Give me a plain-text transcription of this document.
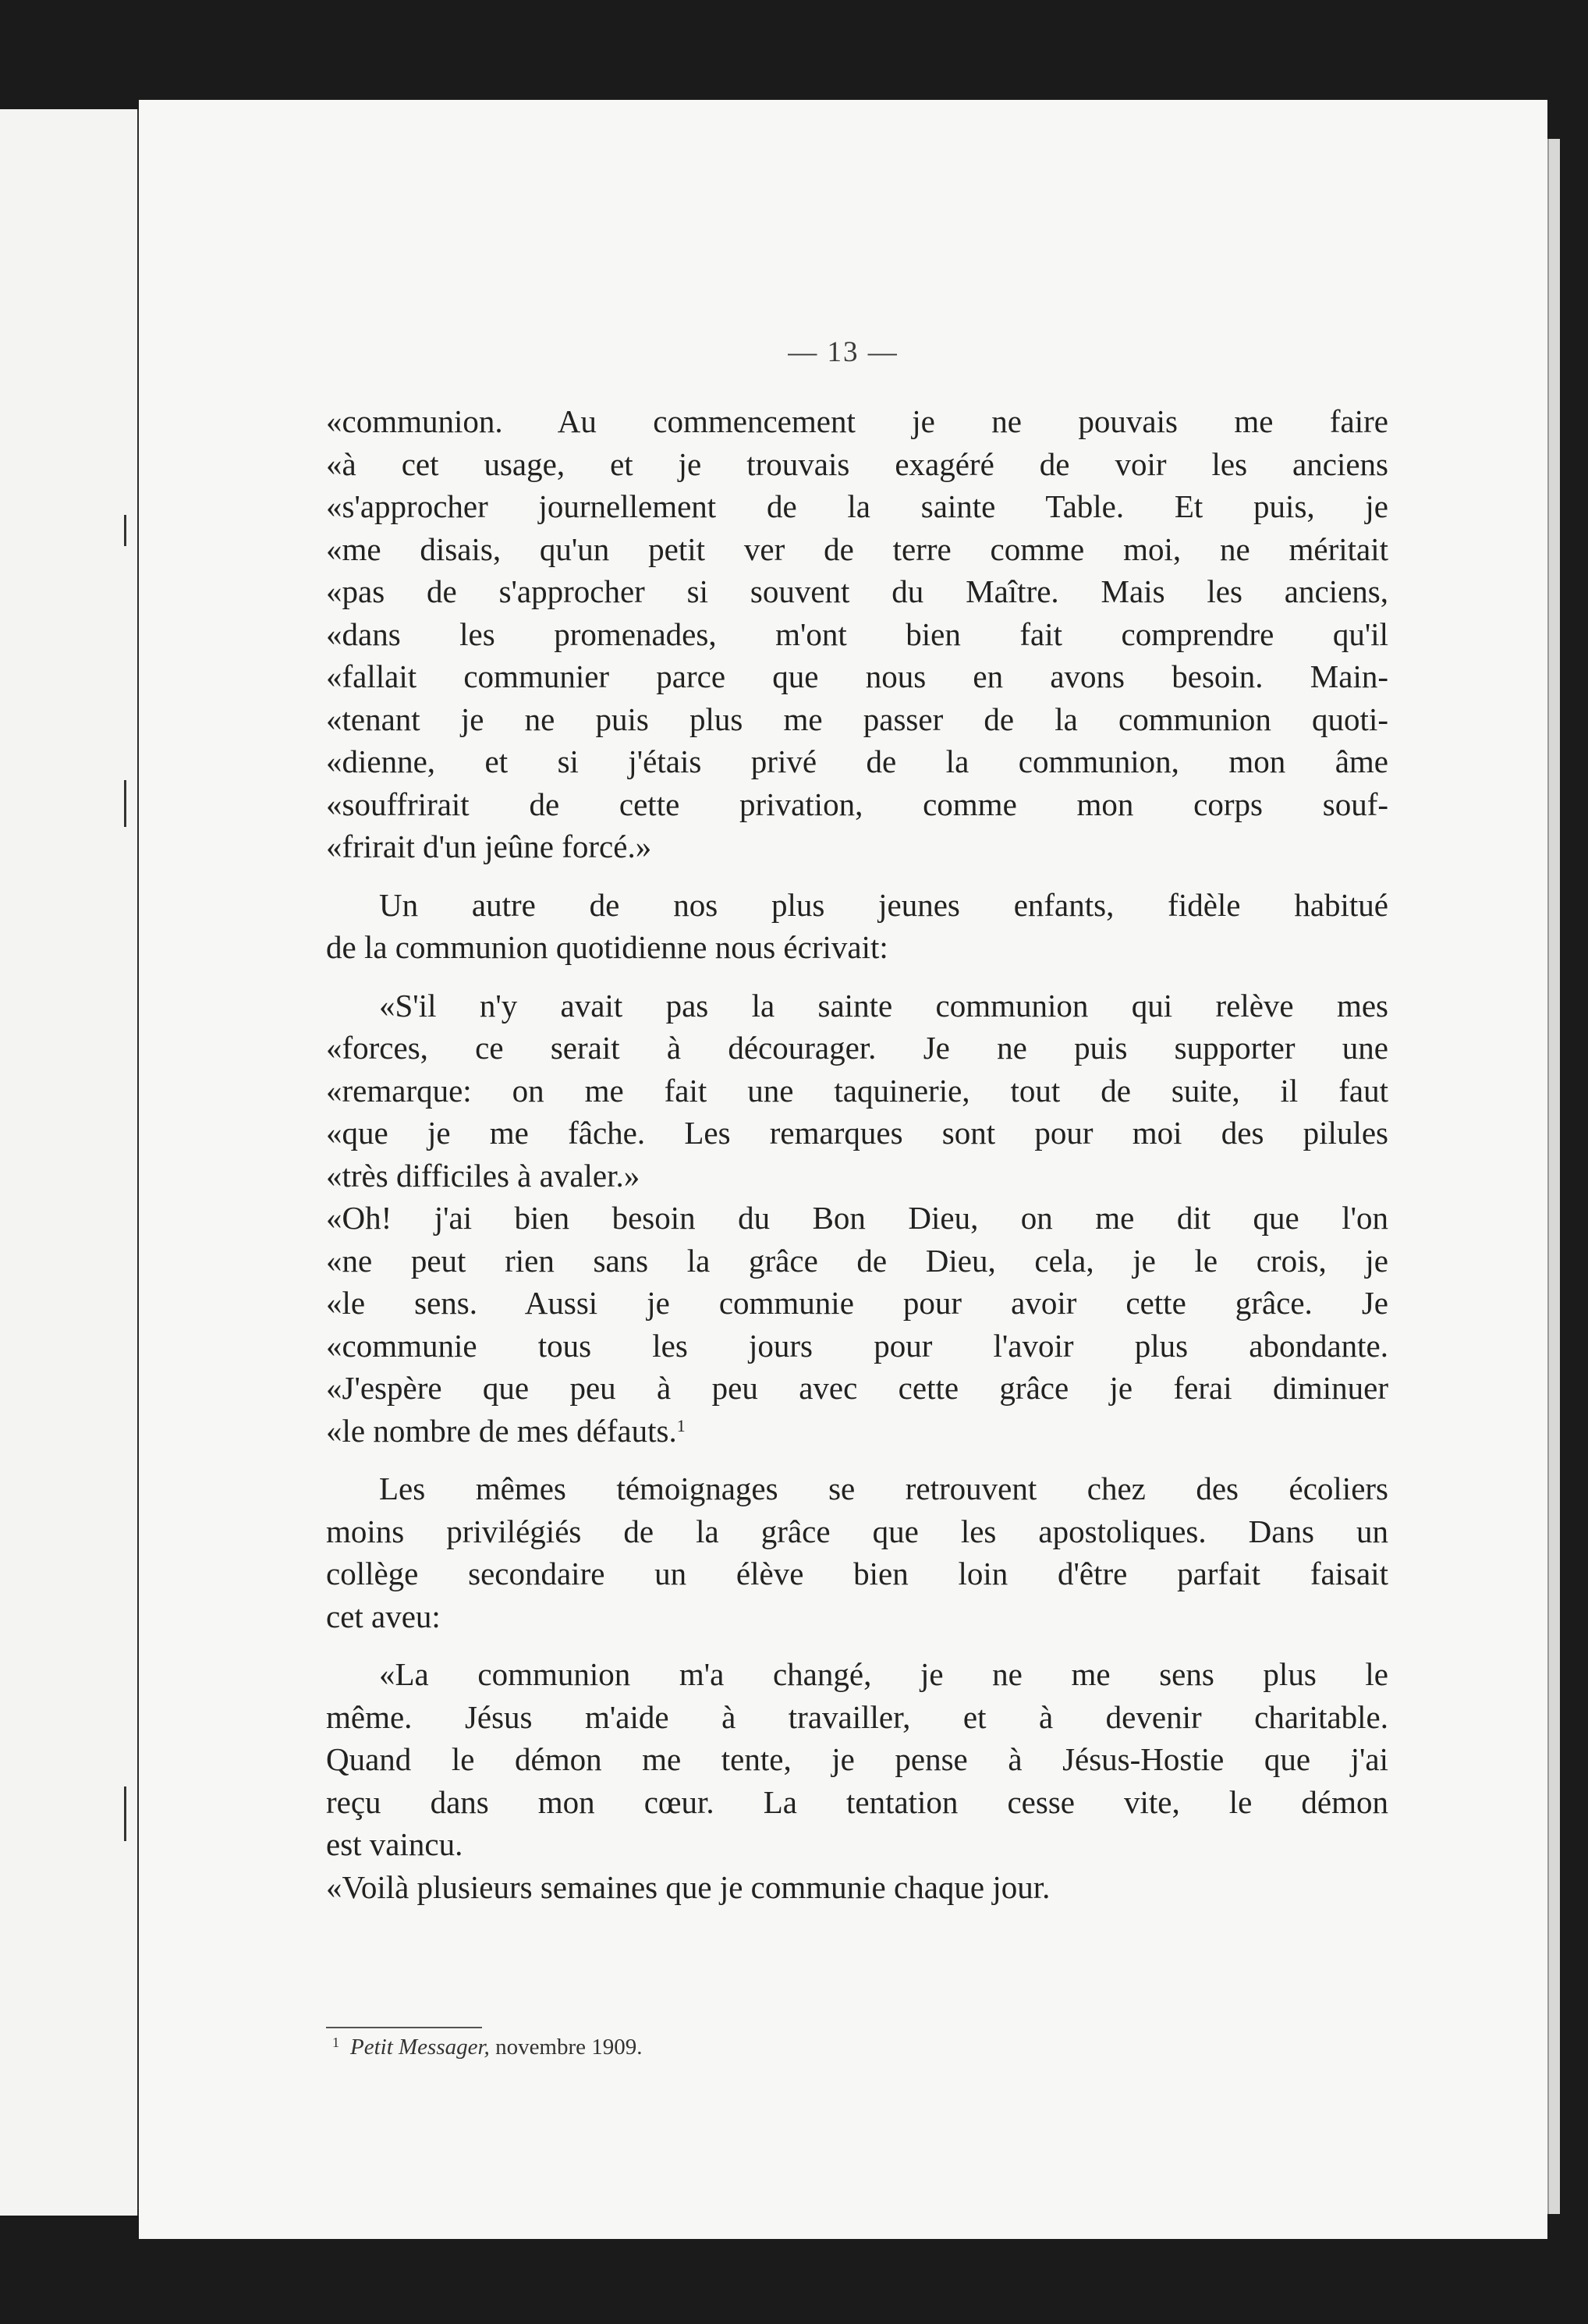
— 13 —
«communion. Au commencement je ne pouvais me faire
«à cet usage, et je trouvais exagéré de voir les anciens
«s'approcher journellement de la sainte Table. Et puis, je
«me disais, qu'un petit ver de terre comme moi, ne méritait
«pas de s'approcher si souvent du Maître. Mais les anciens,
«dans les promenades, m'ont bien fait comprendre qu'il
«fallait communier parce que nous en avons besoin. Main-
«tenant je ne puis plus me passer de la communion quoti-
«dienne, et si j'étais privé de la communion, mon âme
«souffrirait de cette privation, comme mon corps souf-
«frirait d'un jeûne forcé.»
Un autre de nos plus jeunes enfants, fidèle habitué
de la communion quotidienne nous écrivait:
«S'il n'y avait pas la sainte communion qui relève mes
«forces, ce serait à décourager. Je ne puis supporter une
«remarque: on me fait une taquinerie, tout de suite, il faut
«que je me fâche. Les remarques sont pour moi des pilules
«très difficiles à avaler.»
«Oh! j'ai bien besoin du Bon Dieu, on me dit que l'on
«ne peut rien sans la grâce de Dieu, cela, je le crois, je
«le sens. Aussi je communie pour avoir cette grâce. Je
«communie tous les jours pour l'avoir plus abondante.
«J'espère que peu à peu avec cette grâce je ferai diminuer
«le nombre de mes défauts.$^1$
Les mêmes témoignages se retrouvent chez des écoliers
moins privilégiés de la grâce que les apostoliques. Dans un
collège secondaire un élève bien loin d'être parfait faisait
cet aveu:
«La communion m'a changé, je ne me sens plus le
même. Jésus m'aide à travailler, et à devenir charitable.
Quand le démon me tente, je pense à Jésus-Hostie que j'ai
reçu dans mon cœur. La tentation cesse vite, le démon
est vaincu.
«Voilà plusieurs semaines que je communie chaque jour.
$^1$ Petit Messager, novembre 1909.
